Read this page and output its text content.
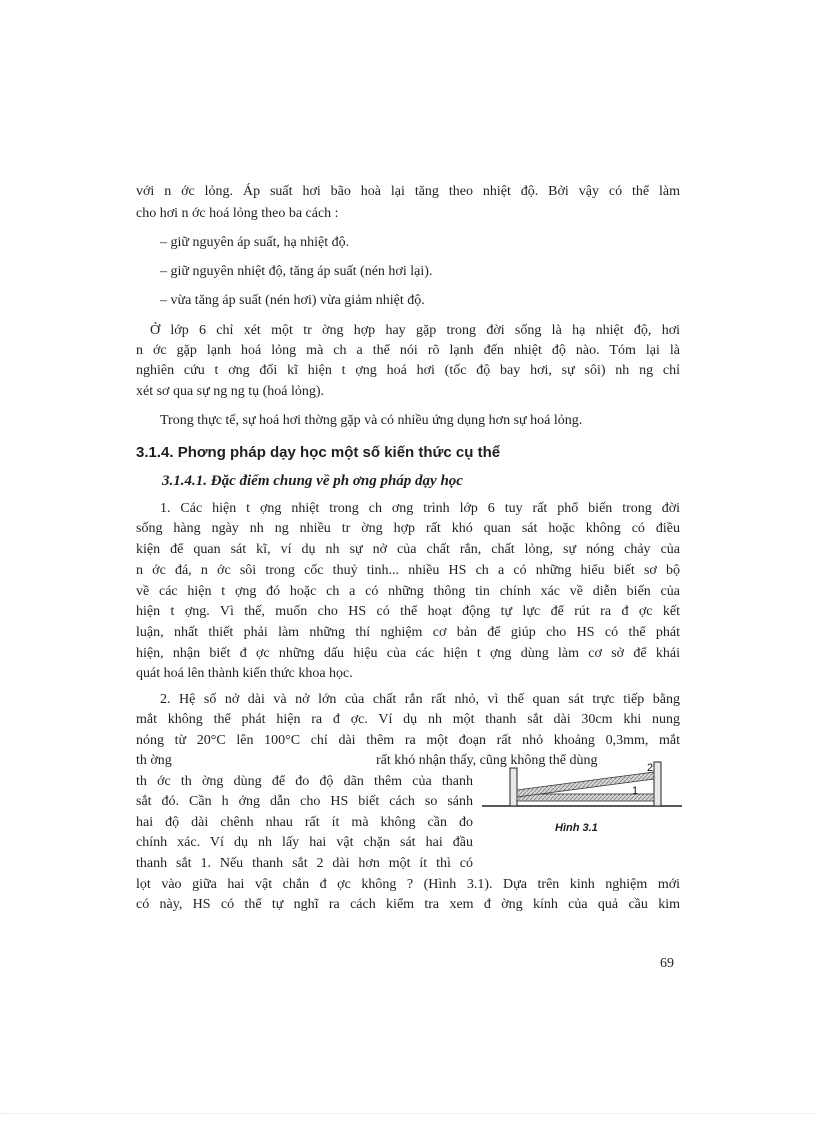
với n ớc lỏng. Áp suất hơi bão hoà lại tăng theo nhiệt độ. Bởi vậy có thể làm
cho hơi n ớc hoá lỏng theo ba cách :
– giữ nguyên áp suất, hạ nhiệt độ.
– giữ nguyên nhiệt độ, tăng áp suất (nén hơi lại).
– vừa tăng áp suất (nén hơi) vừa giảm nhiệt độ.
Ở lớp 6 chỉ xét một tr ờng hợp hay gặp trong đời sống là hạ nhiệt độ, hơi
n ớc gặp lạnh hoá lỏng mà ch a thể nói rõ lạnh đến nhiệt độ nào. Tóm lại là
nghiên cứu t ơng đối kĩ hiện t ợng hoá hơi (tốc độ bay hơi, sự sôi) nh ng chỉ
xét sơ qua sự ng ng tụ (hoá lỏng).
Trong thực tế, sự hoá hơi thờng gặp và có nhiều ứng dụng hơn sự hoá lỏng.
3.1.4. Phơng pháp dạy học một số kiến thức cụ thể
3.1.4.1. Đặc điểm chung về ph ơng pháp dạy học
1. Các hiện t ợng nhiệt trong ch ơng trình lớp 6 tuy rất phổ biến trong đời
sống hàng ngày nh ng nhiều tr ờng hợp rất khó quan sát hoặc không có điều
kiện để quan sát kĩ, ví dụ nh sự nở của chất rắn, chất lỏng, sự nóng chảy của
n ớc đá, n ớc sôi trong cốc thuỷ tinh... nhiều HS ch a có những hiểu biết sơ bộ
về các hiện t ợng đó hoặc ch a có những thông tin chính xác về diễn biến của
hiện t ợng. Vì thế, muốn cho HS có thể hoạt động tự lực để rút ra đ ợc kết
luận, nhất thiết phải làm những thí nghiệm cơ bản để giúp cho HS có thể phát
hiện, nhận biết đ ợc những dấu hiệu của các hiện t ợng dùng làm cơ sở để khái
quát hoá lên thành kiến thức khoa học.
2. Hệ số nở dài và nở lớn của chất rắn rất nhỏ, vì thế quan sát trực tiếp bằng
mắt không thể phát hiện ra đ ợc. Ví dụ nh một thanh sắt dài 30cm khi nung
nóng từ 20°C lên 100°C chỉ dài thêm ra một đoạn rất nhỏ khoảng 0,3mm, mắt
th ờng	rất khó nhận thấy, cũng không thể dùng
th ớc th ờng dùng để đo độ dãn thêm của thanh
sắt đó. Cần h ớng dẫn cho HS biết cách so sánh
hai độ dài chênh nhau rất ít mà không cần đo
chính xác. Ví dụ nh lấy hai vật chặn sát hai đầu
thanh sắt 1. Nếu thanh sắt 2 dài hơn một ít thì có
lọt vào giữa hai vật chắn đ ợc không ? (Hình 3.1). Dựa trên kinh nghiệm mới
có này, HS có thể tự nghĩ ra cách kiểm tra xem đ ờng kính của quả cầu kim
1
2
Hình 3.1
69
